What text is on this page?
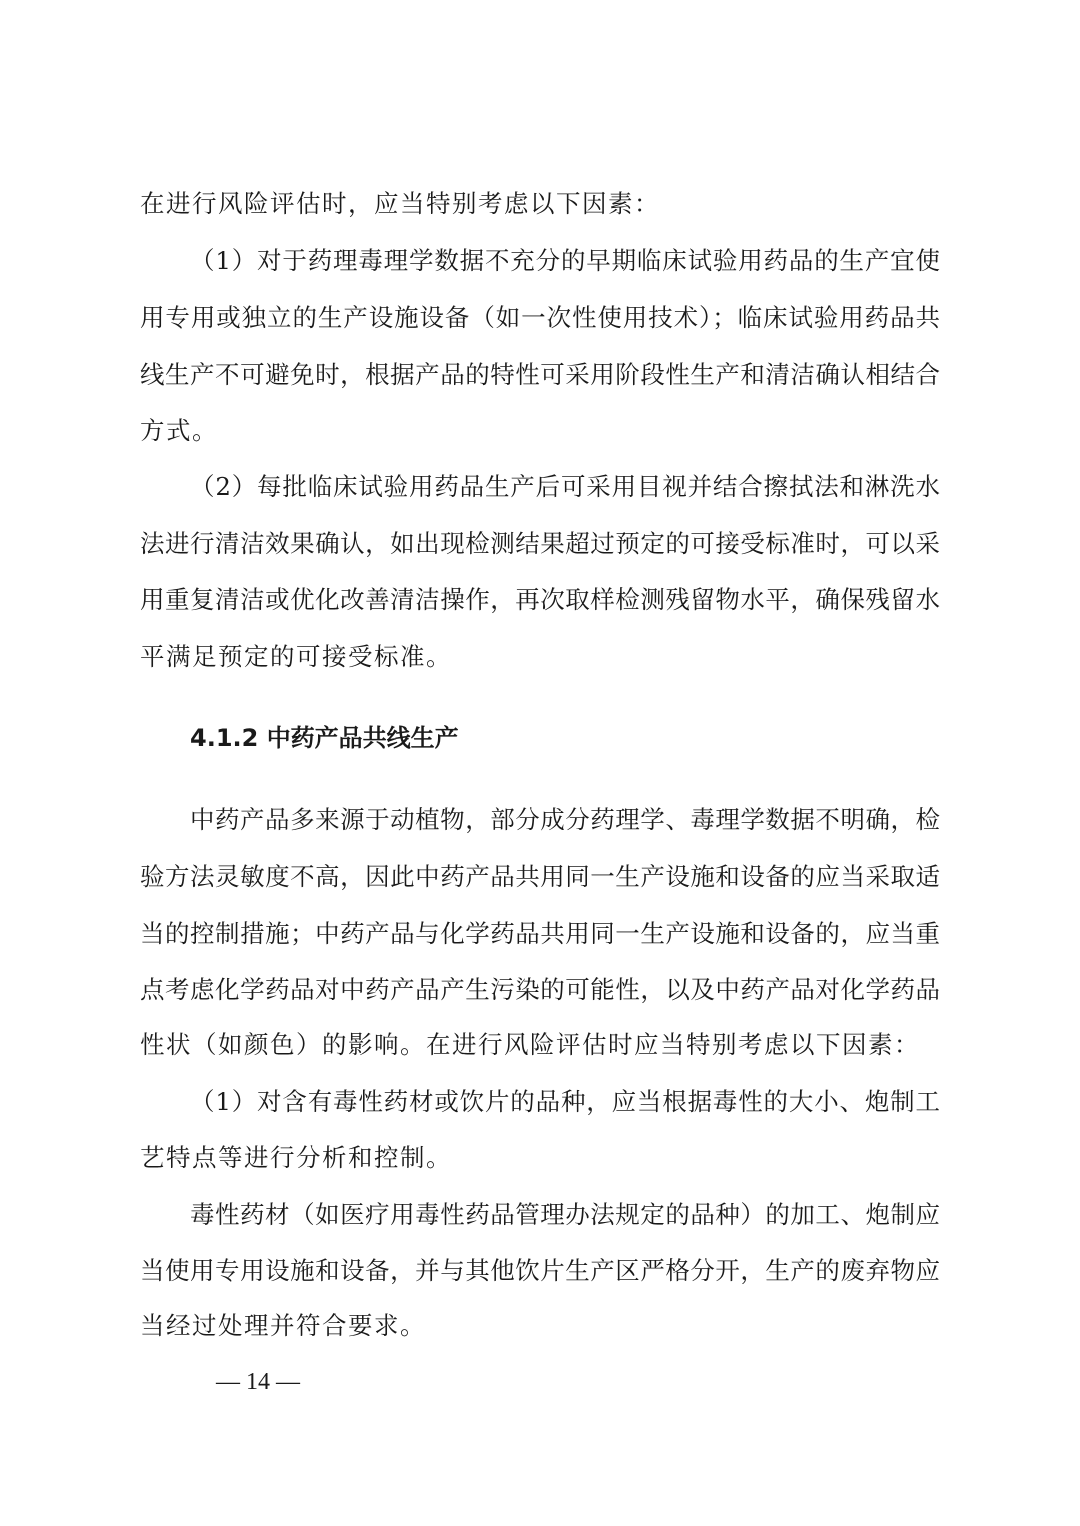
在进行风险评估时，应当特别考虑以下因素：
（1）对于药理毒理学数据不充分的早期临床试验用药品的生产宜使
用专用或独立的生产设施设备（如一次性使用技术）；临床试验用药品共
线生产不可避免时，根据产品的特性可采用阶段性生产和清洁确认相结合
方式。
（2）每批临床试验用药品生产后可采用目视并结合擦拭法和淋洗水
法进行清洁效果确认，如出现检测结果超过预定的可接受标准时，可以采
用重复清洁或优化改善清洁操作，再次取样检测残留物水平，确保残留水
平满足预定的可接受标准。
4.1.2 中药产品共线生产
中药产品多来源于动植物，部分成分药理学、毒理学数据不明确，检
验方法灵敏度不高，因此中药产品共用同一生产设施和设备的应当采取适
当的控制措施；中药产品与化学药品共用同一生产设施和设备的，应当重
点考虑化学药品对中药产品产生污染的可能性，以及中药产品对化学药品
性状（如颜色）的影响。在进行风险评估时应当特别考虑以下因素：
（1）对含有毒性药材或饮片的品种，应当根据毒性的大小、炮制工
艺特点等进行分析和控制。
毒性药材（如医疗用毒性药品管理办法规定的品种）的加工、炮制应
当使用专用设施和设备，并与其他饮片生产区严格分开，生产的废弃物应
当经过处理并符合要求。
— 14 —
